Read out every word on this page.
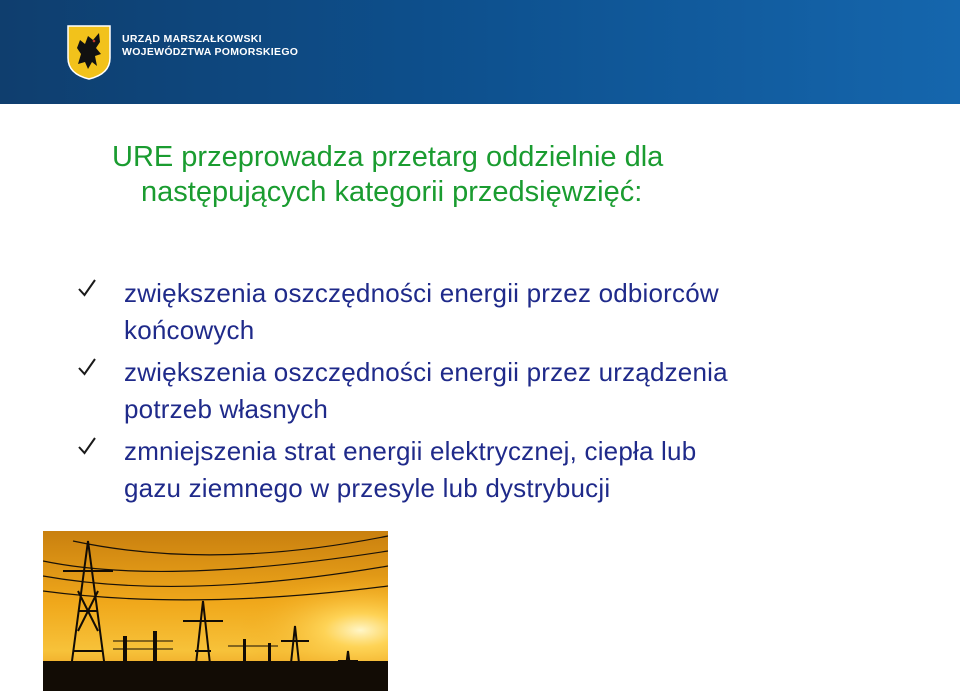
URZĄD MARSZAŁKOWSKI
WOJEWÓDZTWA POMORSKIEGO
URE przeprowadza przetarg oddzielnie dla
następujących kategorii przedsięwzięć:
zwiększenia oszczędności energii przez odbiorców
końcowych
zwiększenia oszczędności energii przez urządzenia
potrzeb własnych
zmniejszenia strat energii elektrycznej, ciepła lub
gazu ziemnego w przesyle lub dystrybucji
